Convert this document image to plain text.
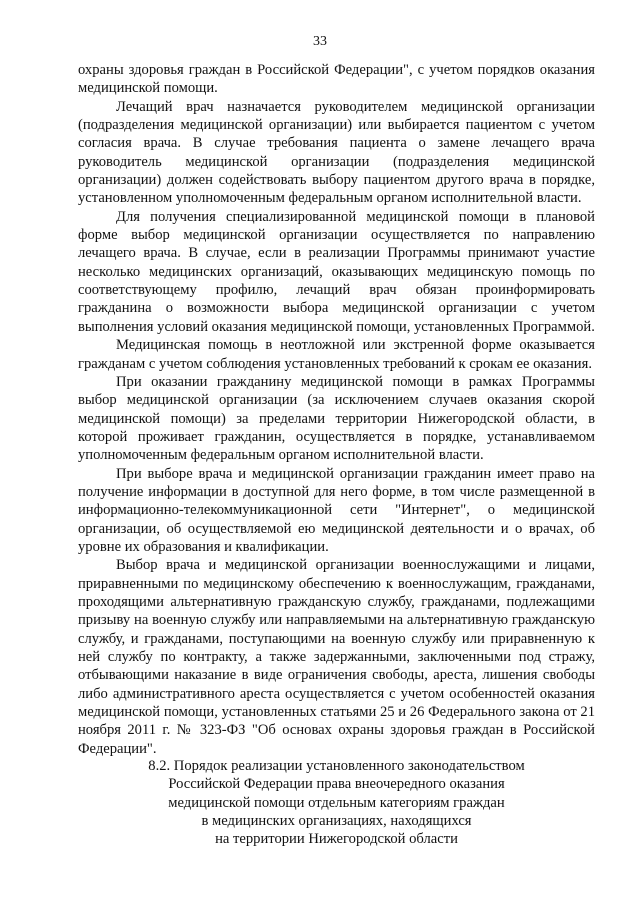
33

охраны здоровья граждан в Российской Федерации", с учетом порядков оказания медицинской помощи.

Лечащий врач назначается руководителем медицинской организации (подразделения медицинской организации) или выбирается пациентом с учетом согласия врача. В случае требования пациента о замене лечащего врача руководитель медицинской организации (подразделения медицинской организации) должен содействовать выбору пациентом другого врача в порядке, установленном уполномоченным федеральным органом исполнительной власти.

Для получения специализированной медицинской помощи в плановой форме выбор медицинской организации осуществляется по направлению лечащего врача. В случае, если в реализации Программы принимают участие несколько медицинских организаций, оказывающих медицинскую помощь по соответствующему профилю, лечащий врач обязан проинформировать гражданина о возможности выбора медицинской организации с учетом выполнения условий оказания медицинской помощи, установленных Программой.

Медицинская помощь в неотложной или экстренной форме оказывается гражданам с учетом соблюдения установленных требований к срокам ее оказания.

При оказании гражданину медицинской помощи в рамках Программы выбор медицинской организации (за исключением случаев оказания скорой медицинской помощи) за пределами территории Нижегородской области, в которой проживает гражданин, осуществляется в порядке, устанавливаемом уполномоченным федеральным органом исполнительной власти.

При выборе врача и медицинской организации гражданин имеет право на получение информации в доступной для него форме, в том числе размещенной в информационно-телекоммуникационной сети "Интернет", о медицинской организации, об осуществляемой ею медицинской деятельности и о врачах, об уровне их образования и квалификации.

Выбор врача и медицинской организации военнослужащими и лицами, приравненными по медицинскому обеспечению к военнослужащим, гражданами, проходящими альтернативную гражданскую службу, гражданами, подлежащими призыву на военную службу или направляемыми на альтернативную гражданскую службу, и гражданами, поступающими на военную службу или приравненную к ней службу по контракту, а также задержанными, заключенными под стражу, отбывающими наказание в виде ограничения свободы, ареста, лишения свободы либо административного ареста осуществляется с учетом особенностей оказания медицинской помощи, установленных статьями 25 и 26 Федерального закона от 21 ноября 2011 г. № 323-ФЗ "Об основах охраны здоровья граждан в Российской Федерации".

8.2. Порядок реализации установленного законодательством
Российской Федерации права внеочередного оказания
медицинской помощи отдельным категориям граждан
в медицинских организациях, находящихся
на территории Нижегородской области
